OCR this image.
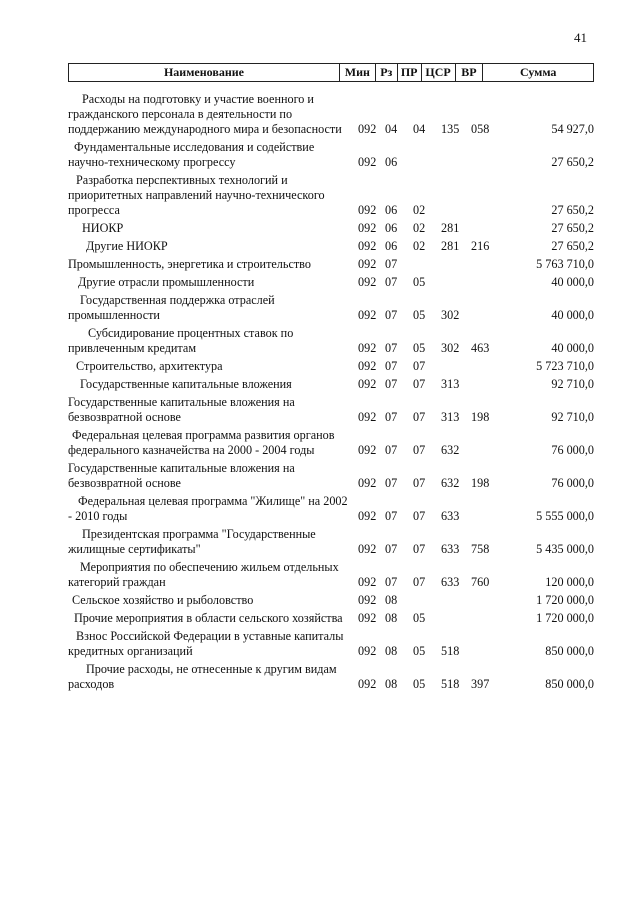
41
Наименование	Мин Рз ПР ЦСР ВР	Сумма
Расходы на подготовку и участие военного и гражданского персонала в деятельности по поддержанию международного мира и безопасности	092 04 04 135 058	54 927,0
Фундаментальные исследования и содействие научно-техническому прогрессу	092 06	27 650,2
Разработка перспективных технологий и приоритетных направлений научно-технического прогресса	092 06 02	27 650,2
НИОКР	092 06 02 281	27 650,2
Другие НИОКР	092 06 02 281 216	27 650,2
Промышленность, энергетика и строительство	092 07	5 763 710,0
Другие отрасли промышленности	092 07 05	40 000,0
Государственная поддержка отраслей промышленности	092 07 05 302	40 000,0
Субсидирование процентных ставок по привлеченным кредитам	092 07 05 302 463	40 000,0
Строительство, архитектура	092 07 07	5 723 710,0
Государственные капитальные вложения	092 07 07 313	92 710,0
Государственные капитальные вложения на безвозвратной основе	092 07 07 313 198	92 710,0
Федеральная целевая программа развития органов федерального казначейства на 2000 - 2004 годы	092 07 07 632	76 000,0
Государственные капитальные вложения на безвозвратной основе	092 07 07 632 198	76 000,0
Федеральная целевая программа "Жилище" на 2002 - 2010 годы	092 07 07 633	5 555 000,0
Президентская программа "Государственные жилищные сертификаты"	092 07 07 633 758	5 435 000,0
Мероприятия по обеспечению жильем отдельных категорий граждан	092 07 07 633 760	120 000,0
Сельское хозяйство и рыболовство	092 08	1 720 000,0
Прочие мероприятия в области сельского хозяйства	092 08 05	1 720 000,0
Взнос Российской Федерации в уставные капиталы кредитных организаций	092 08 05 518	850 000,0
Прочие расходы, не отнесенные к другим видам расходов	092 08 05 518 397	850 000,0
